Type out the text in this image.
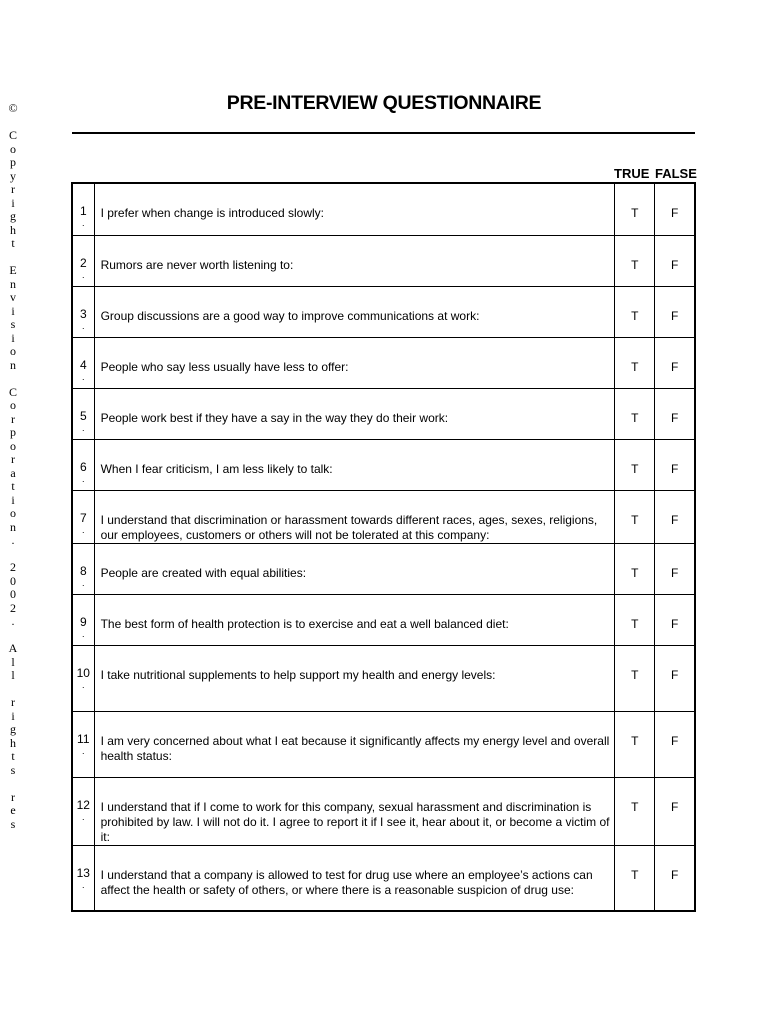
©

C
o
p
y
r
i
g
h
t

E
n
v
i
s
i
o
n

C
o
r
p
o
r
a
t
i
o
n
.

2
0
0
2
.

A
l
l

r
i
g
h
t
s

r
e
s
PRE-INTERVIEW QUESTIONNAIRE
TRUE FALSE
1
.	I prefer when change is introduced slowly:	T	F

2
.	Rumors are never worth listening to:	T	F

3
.	Group discussions are a good way to improve communications at work:	T	F

4
.	People who say less usually have less to offer:	T	F

5
.	People work best if they have a say in the way they do their work:	T	F

6
.	When I fear criticism, I am less likely to talk:	T	F

7
.	I understand that discrimination or harassment towards different races, ages, sexes, religions, our employees, customers or others will not be tolerated at this company:	T	F

8
.	People are created with equal abilities:	T	F

9
.	The best form of health protection is to exercise and eat a well balanced diet:	T	F

10
.	I take nutritional supplements to help support my health and energy levels:	T	F

11
.	I am very concerned about what I eat because it significantly affects my energy level and overall health status:	T	F

12
.	I understand that if I come to work for this company, sexual harassment and discrimination is prohibited by law. I will not do it. I agree to report it if I see it, hear about it, or become a victim of it:	T	F

13
.	I understand that a company is allowed to test for drug use where an employee’s actions can affect the health or safety of others, or where there is a reasonable suspicion of drug use:	T	F
